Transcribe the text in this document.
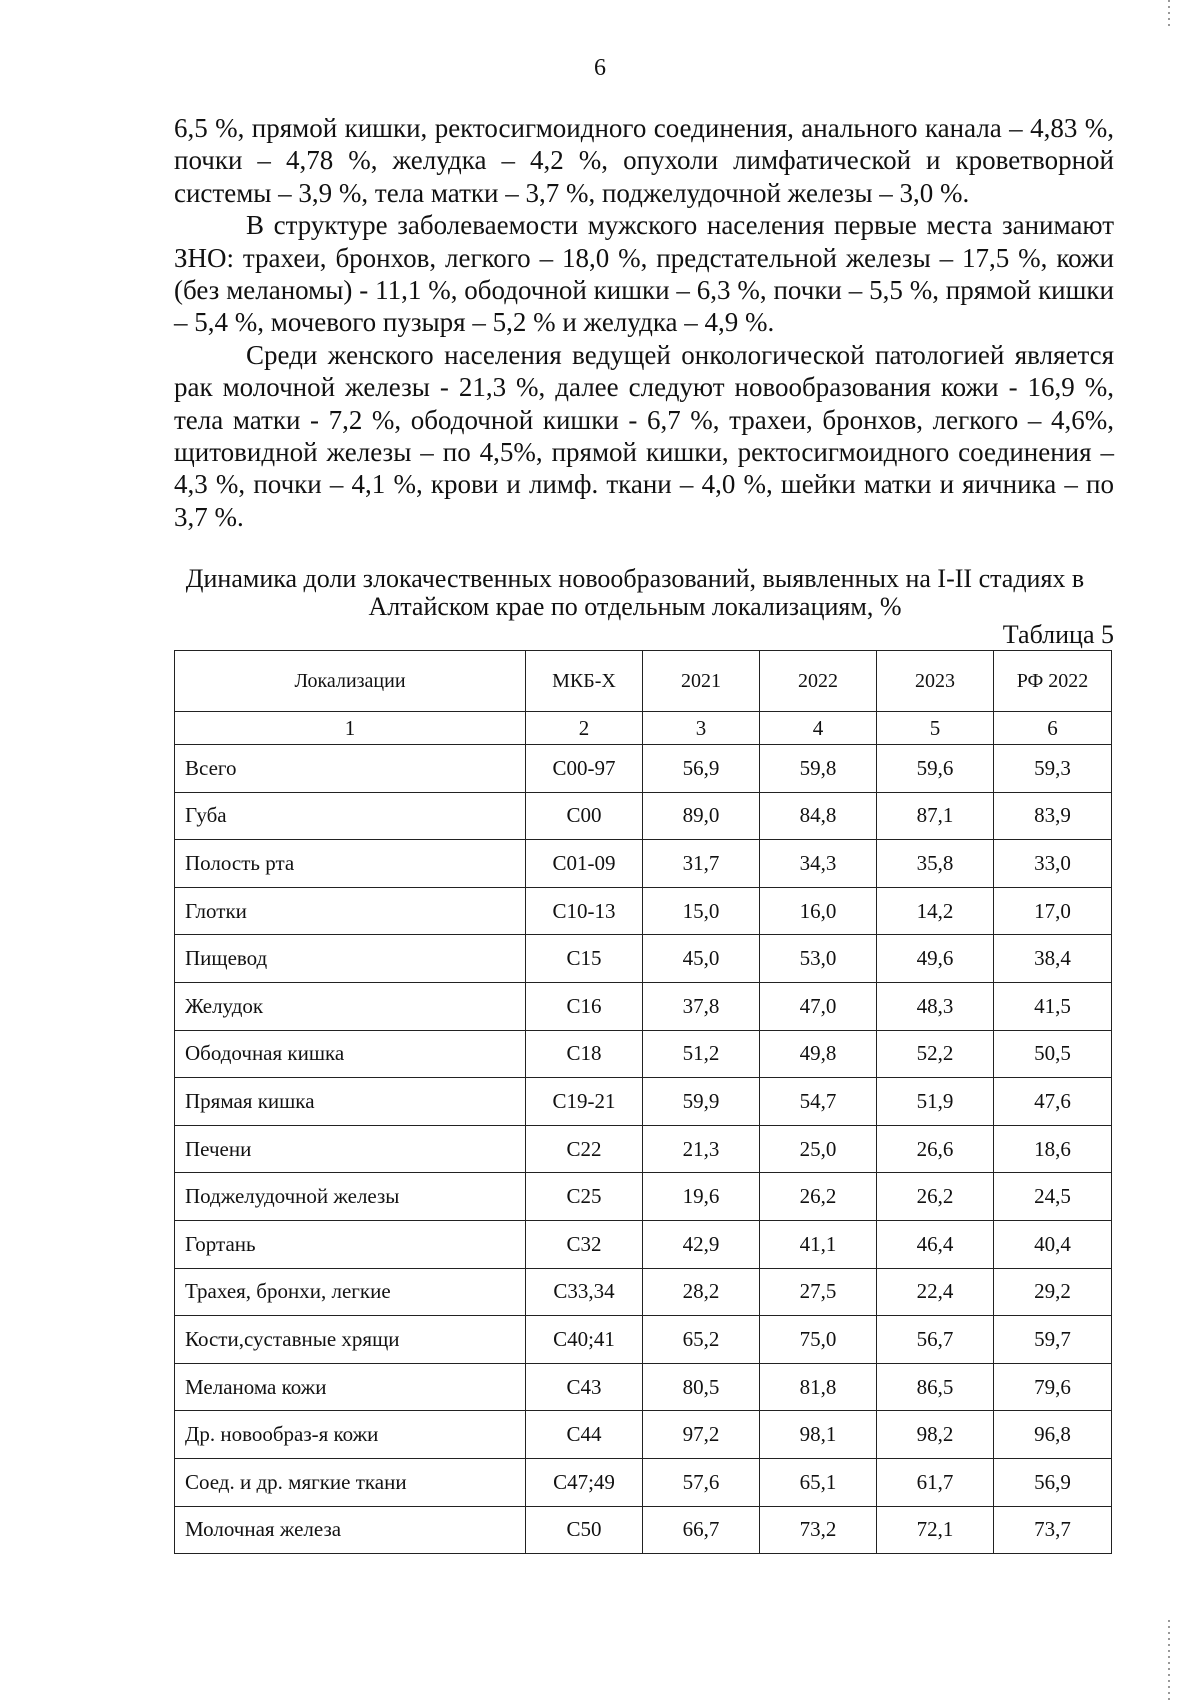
6

6,5 %, прямой кишки, ректосигмоидного соединения, анального канала – 4,83 %, почки – 4,78 %, желудка – 4,2 %, опухоли лимфатической и кроветворной системы – 3,9 %, тела матки – 3,7 %, поджелудочной железы – 3,0 %.

В структуре заболеваемости мужского населения первые места занимают ЗНО: трахеи, бронхов, легкого – 18,0 %, предстательной железы – 17,5 %, кожи (без меланомы) - 11,1 %, ободочной кишки – 6,3 %, почки – 5,5 %, прямой кишки – 5,4 %, мочевого пузыря – 5,2 % и желудка – 4,9 %.

Среди женского населения ведущей онкологической патологией является рак молочной железы - 21,3 %, далее следуют новообразования кожи - 16,9 %, тела матки - 7,2 %, ободочной кишки - 6,7 %, трахеи, бронхов, легкого – 4,6%, щитовидной железы – по 4,5%, прямой кишки, ректосигмоидного соединения – 4,3 %, почки – 4,1 %, крови и лимф. ткани – 4,0 %, шейки матки и яичника – по 3,7 %.

Динамика доли злокачественных новообразований, выявленных на I-II стадиях в Алтайском крае по отдельным локализациям, %
Таблица 5
Локализации	МКБ-Х	2021	2022	2023	РФ 2022
1	2	3	4	5	6
Всего	С00-97	56,9	59,8	59,6	59,3
Губа	С00	89,0	84,8	87,1	83,9
Полость рта	С01-09	31,7	34,3	35,8	33,0
Глотки	С10-13	15,0	16,0	14,2	17,0
Пищевод	С15	45,0	53,0	49,6	38,4
Желудок	С16	37,8	47,0	48,3	41,5
Ободочная кишка	С18	51,2	49,8	52,2	50,5
Прямая кишка	С19-21	59,9	54,7	51,9	47,6
Печени	С22	21,3	25,0	26,6	18,6
Поджелудочной железы	С25	19,6	26,2	26,2	24,5
Гортань	С32	42,9	41,1	46,4	40,4
Трахея, бронхи, легкие	С33,34	28,2	27,5	22,4	29,2
Кости,суставные хрящи	С40;41	65,2	75,0	56,7	59,7
Меланома кожи	С43	80,5	81,8	86,5	79,6
Др. новообраз-я кожи	С44	97,2	98,1	98,2	96,8
Соед. и др. мягкие ткани	С47;49	57,6	65,1	61,7	56,9
Молочная железа	С50	66,7	73,2	72,1	73,7
